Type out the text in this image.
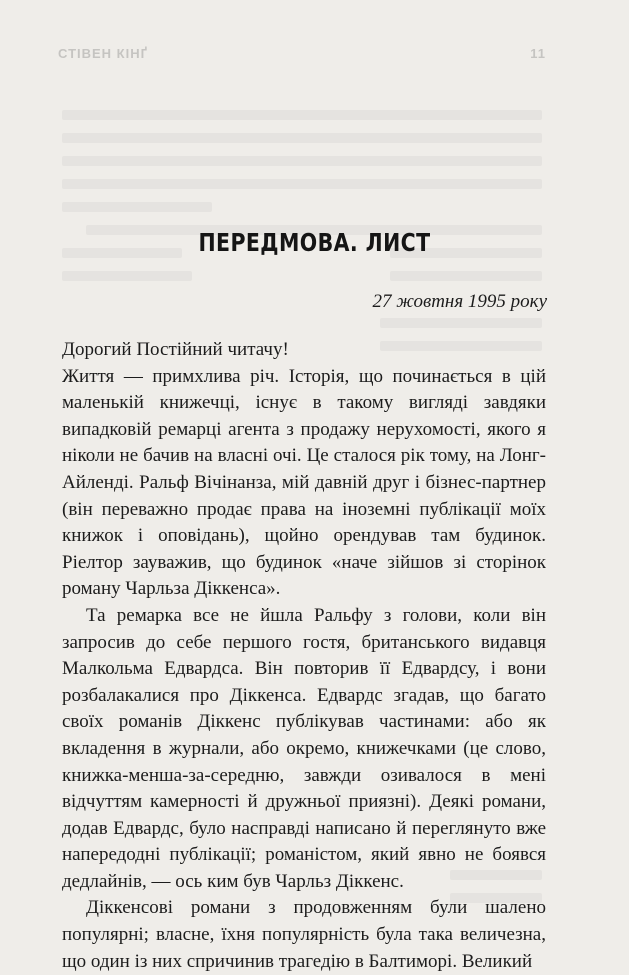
СТІВЕН КІНҐ	11
ПЕРЕДМОВА. ЛИСТ
27 жовтня 1995 року

Дорогий Постійний читачу!

Життя — примхлива річ. Історія, що починається в цій маленькій книжечці, існує в такому вигляді завдяки випадковій ремарці агента з продажу нерухомості, якого я ніколи не бачив на власні очі. Це сталося рік тому, на Лонг-Айленді. Ральф Вічінанза, мій давній друг і бізнес-партнер (він переважно продає права на іноземні публікації моїх книжок і оповідань), щойно орендував там будинок. Ріелтор зауважив, що будинок «наче зійшов зі сторінок роману Чарльза Діккенса».

Та ремарка все не йшла Ральфу з голови, коли він запросив до себе першого гостя, британського видавця Малкольма Едвардса. Він повторив її Едвардсу, і вони розбалакалися про Діккенса. Едвардс згадав, що багато своїх романів Діккенс публікував частинами: або як вкладення в журнали, або окремо, книжечками (це слово, книжка-менша-за-середню, завжди озивалося в мені відчуттям камерності й дружньої приязні). Деякі романи, додав Едвардс, було насправді написано й переглянуто вже напередодні публікації; романістом, який явно не боявся дедлайнів, — ось ким був Чарльз Діккенс.

Діккенсові романи з продовженням були шалено популярні; власне, їхня популярність була така величезна, що один із них спричинив трагедію в Балтиморі. Великий
